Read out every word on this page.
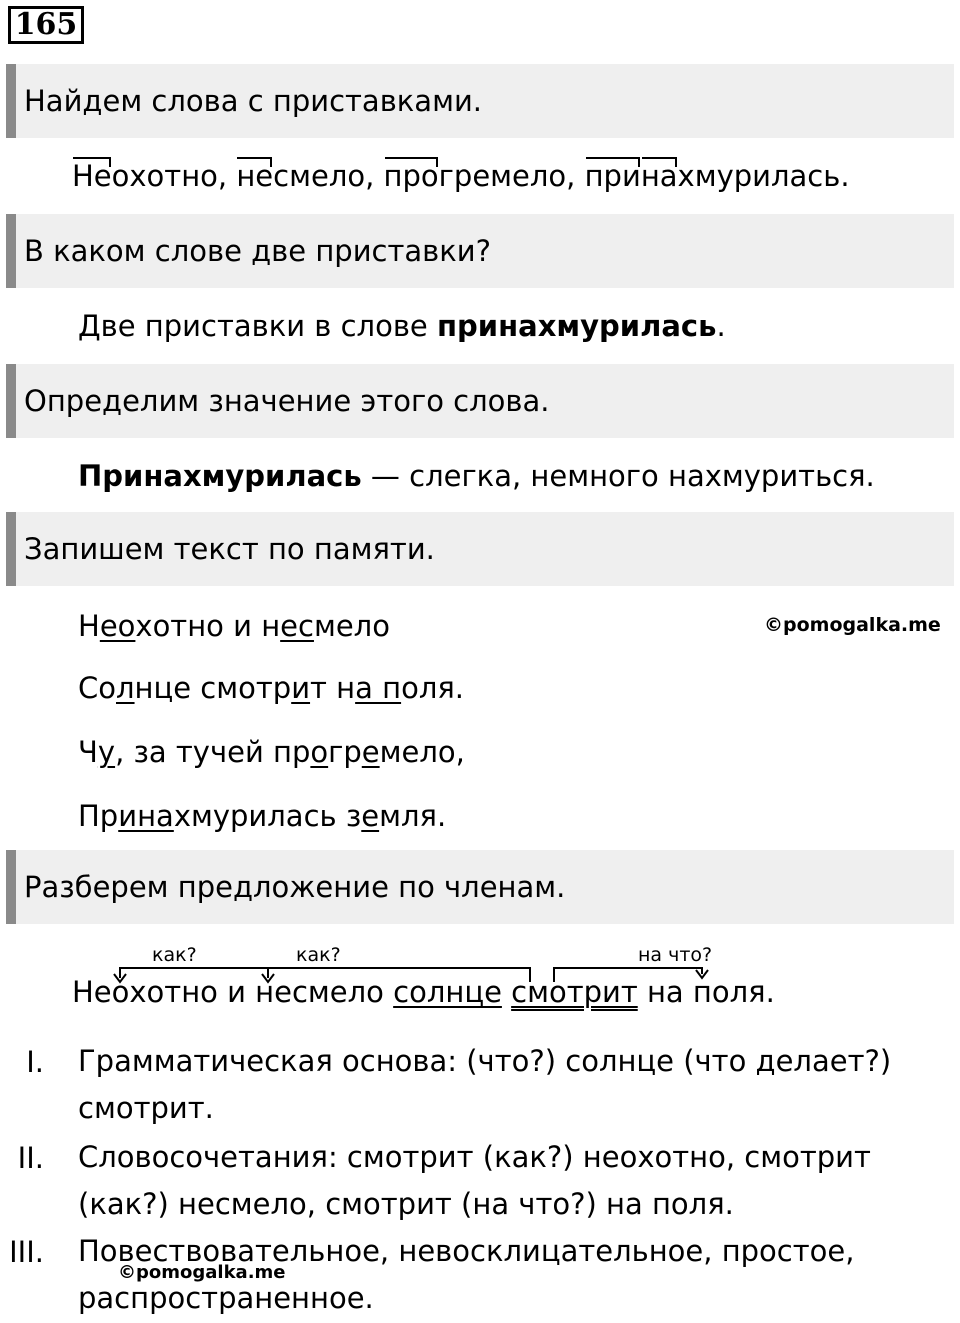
165
Найдем слова с приставками.
Неохотно, несмело, прогремело, принахмурилась.
В каком слове две приставки?
Две приставки в слове принахмурилась.
Определим значение этого слова.
Принахмурилась — слегка, немного нахмуриться.
Запишем текст по памяти.
Неохотно и несмело	©pomogalka.me
Солнце смотрит на поля.
Чу, за тучей прогремело,
Принахмурилась земля.
Разберем предложение по членам.
как?	как?	на что?
Неохотно и несмело солнце смотрит на поля.
I. Грамматическая основа: (что?) солнце (что делает?) смотрит.
II. Словосочетания: смотрит (как?) неохотно, смотрит (как?) несмело, смотрит (на что?) на поля.
III. Повествовательное, невосклицательное, простое, распространенное.
©pomogalka.me
